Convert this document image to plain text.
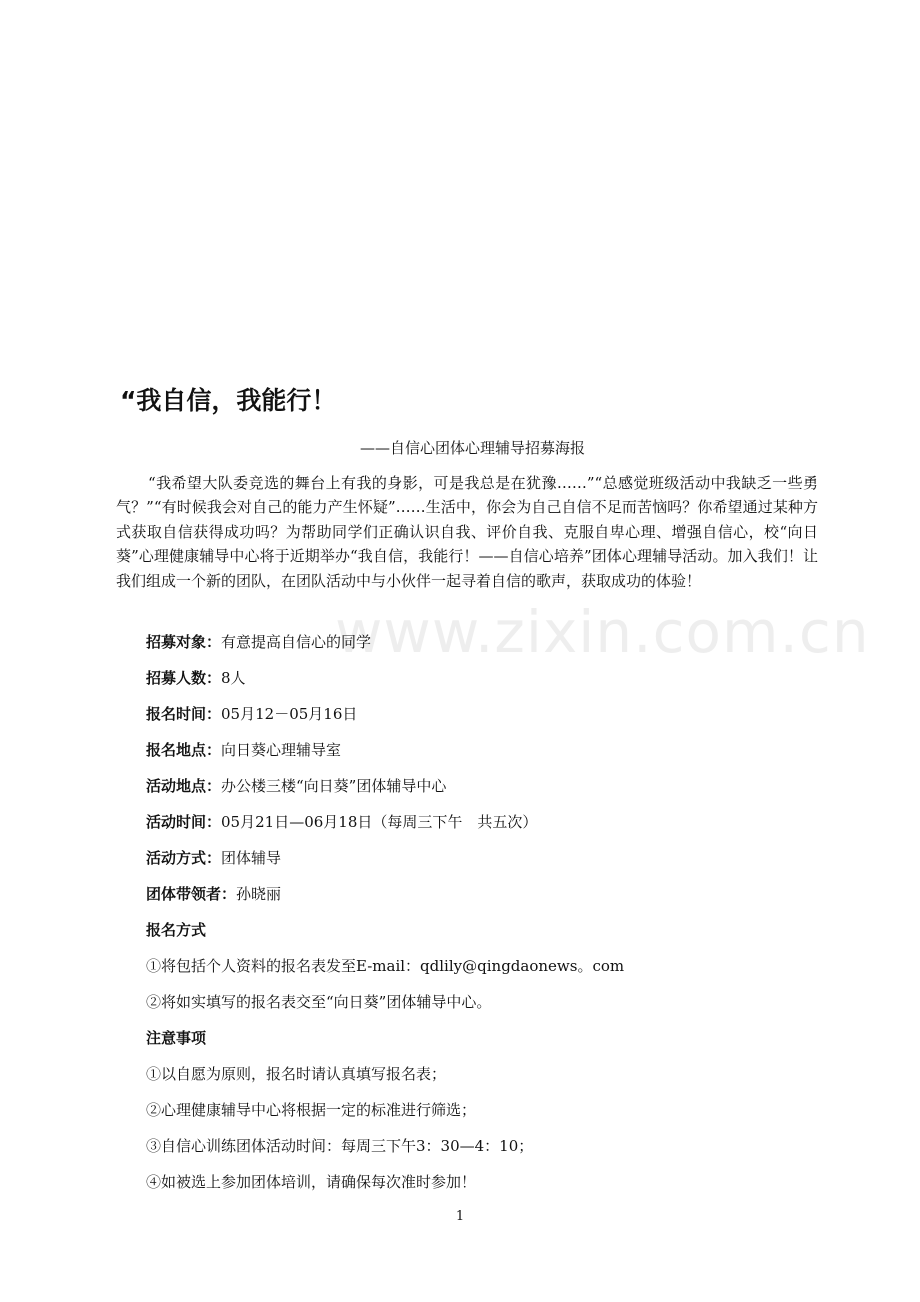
www.zixin.com.cn
“我自信，我能行！
——自信心团体心理辅导招募海报

“我希望大队委竞选的舞台上有我的身影，可是我总是在犹豫……”“总感觉班级活动中我缺乏一些勇气？”“有时候我会对自己的能力产生怀疑”……生活中，你会为自己自信不足而苦恼吗？你希望通过某种方式获取自信获得成功吗？为帮助同学们正确认识自我、评价自我、克服自卑心理、增强自信心，校“向日葵”心理健康辅导中心将于近期举办“我自信，我能行！——自信心培养”团体心理辅导活动。加入我们！让我们组成一个新的团队，在团队活动中与小伙伴一起寻着自信的歌声，获取成功的体验！

招募对象：有意提高自信心的同学
招募人数：8人
报名时间：05月12－05月16日
报名地点：向日葵心理辅导室
活动地点：办公楼三楼“向日葵”团体辅导中心
活动时间：05月21日—06月18日（每周三下午　共五次）
活动方式：团体辅导
团体带领者：孙晓丽
报名方式
①将包括个人资料的报名表发至E-mail：qdlily@qingdaonews。com
②将如实填写的报名表交至“向日葵”团体辅导中心。
注意事项
①以自愿为原则，报名时请认真填写报名表；
②心理健康辅导中心将根据一定的标准进行筛选；
③自信心训练团体活动时间：每周三下午3：30—4：10；
④如被选上参加团体培训，请确保每次准时参加！
1
